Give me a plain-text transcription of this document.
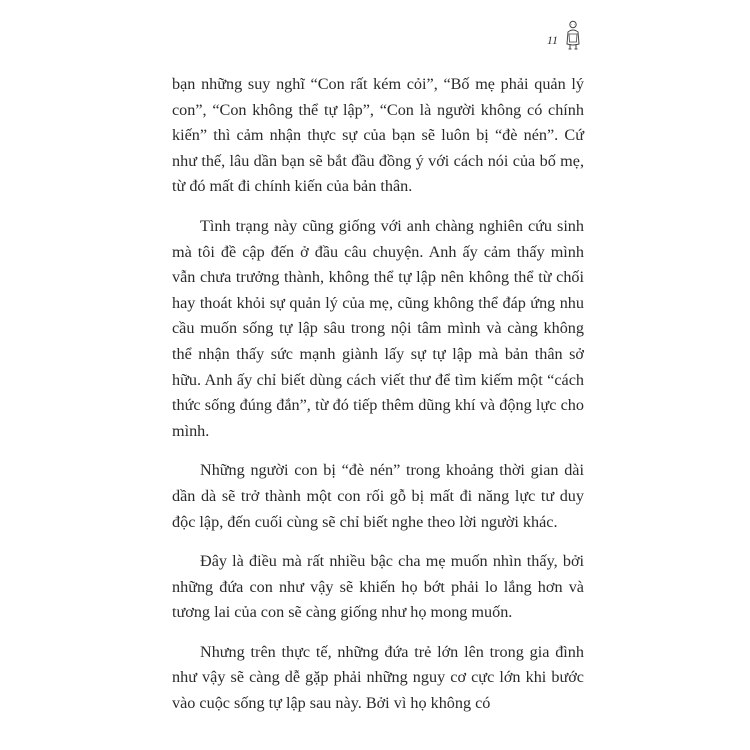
11

bạn những suy nghĩ “Con rất kém cỏi”, “Bố mẹ phải quản lý con”, “Con không thể tự lập”, “Con là người không có chính kiến” thì cảm nhận thực sự của bạn sẽ luôn bị “đè nén”. Cứ như thế, lâu dần bạn sẽ bắt đầu đồng ý với cách nói của bố mẹ, từ đó mất đi chính kiến của bản thân.

Tình trạng này cũng giống với anh chàng nghiên cứu sinh mà tôi đề cập đến ở đầu câu chuyện. Anh ấy cảm thấy mình vẫn chưa trưởng thành, không thể tự lập nên không thể từ chối hay thoát khỏi sự quản lý của mẹ, cũng không thể đáp ứng nhu cầu muốn sống tự lập sâu trong nội tâm mình và càng không thể nhận thấy sức mạnh giành lấy sự tự lập mà bản thân sở hữu. Anh ấy chỉ biết dùng cách viết thư để tìm kiếm một “cách thức sống đúng đắn”, từ đó tiếp thêm dũng khí và động lực cho mình.

Những người con bị “đè nén” trong khoảng thời gian dài dần dà sẽ trở thành một con rối gỗ bị mất đi năng lực tư duy độc lập, đến cuối cùng sẽ chỉ biết nghe theo lời người khác.

Đây là điều mà rất nhiều bậc cha mẹ muốn nhìn thấy, bởi những đứa con như vậy sẽ khiến họ bớt phải lo lắng hơn và tương lai của con sẽ càng giống như họ mong muốn.

Nhưng trên thực tế, những đứa trẻ lớn lên trong gia đình như vậy sẽ càng dễ gặp phải những nguy cơ cực lớn khi bước vào cuộc sống tự lập sau này. Bởi vì họ không có
